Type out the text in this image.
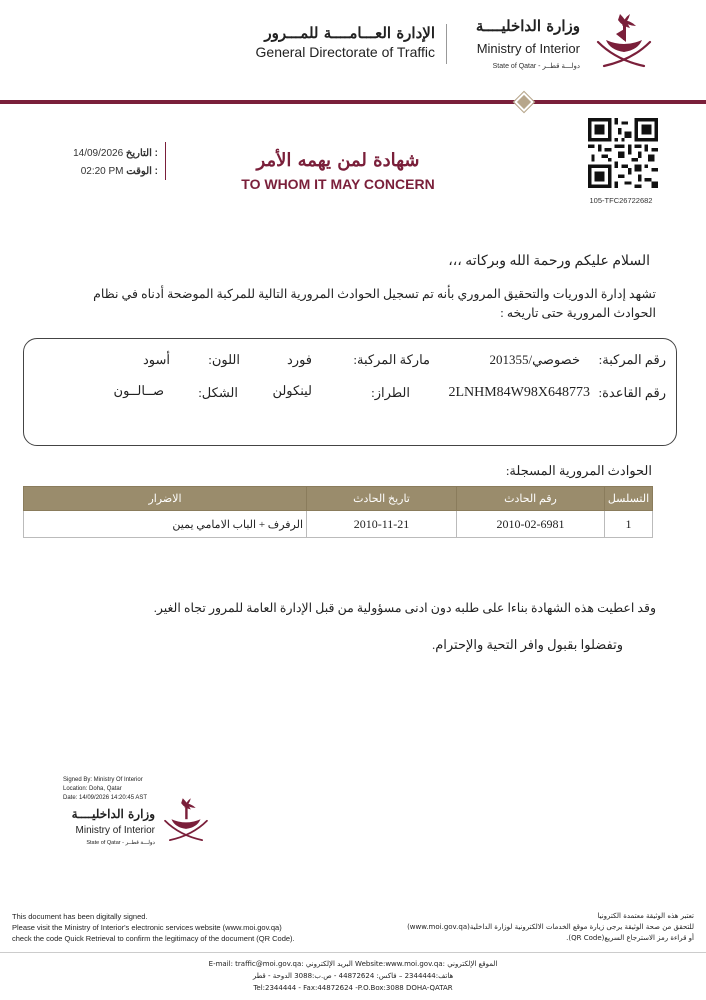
وزارة الداخليــــة
Ministry of Interior
State of Qatar - دولـــة قطــر
الإدارة العـــامــــة للمـــرور
General Directorate of Traffic
105-TFC26722682
شهادة لمن يهمه الأمر
TO WHOM IT MAY CONCERN
14/09/2026 التاريخ :
02:20 PM الوقت :
السلام عليكم ورحمة الله وبركاته ،،،
تشهد إدارة الدوريات والتحقيق المروري بأنه تم تسجيل الحوادث المرورية التالية للمركبة الموضحة أدناه في نظام
الحوادث المرورية حتى تاريخه :
رقم المركبة:
خصوصي/201355
ماركة المركبة:
فورد
اللون:
أسود
رقم القاعدة:
2LNHM84W98X648773
الطراز:
لينكولن
الشكل:
صــالــون
الحوادث المرورية المسجلة:
التسلسل	رقم الحادث	تاريخ الحادث	الاضرار
1	2010-02-6981	2010-11-21	الرفرف + الباب الامامي يمين
وقد اعطيت هذه الشهادة بناءا على طلبه دون ادنى مسؤولية من قبل الإدارة العامة للمرور تجاه الغير.
وتفضلوا بقبول وافر التحية والإحترام.
Signed By: Ministry Of Interior
Location: Doha, Qatar
Date: 14/09/2026 14:20:45 AST
وزارة الداخليــــة
Ministry of Interior
State of Qatar - دولـــة قطــر
This document has been digitally signed.
Please visit the Ministry of Interior's electronic services website (www.moi.gov.qa)
check the code Quick Retrieval to confirm the legitimacy of the document (QR Code).
تعتبر هذه الوثيقة معتمدة الكترونيا
للتحقق من صحة الوثيقة يرجى زيارة موقع الخدمات الالكترونية لوزارة الداخلية(www.moi.gov.qa)
أو قراءة رمز الاسترجاع السريع(QR Code).
E-mail: traffic@moi.gov.qa: البريد الإلكتروني Website:www.moi.gov.qa: الموقع الإلكتروني
هاتف:2344444 – فاكس: 44872624 - ص.ب:3088 الدوحة - قطر
Tel:2344444 - Fax:44872624 -P.O.Box:3088 DOHA-QATAR
